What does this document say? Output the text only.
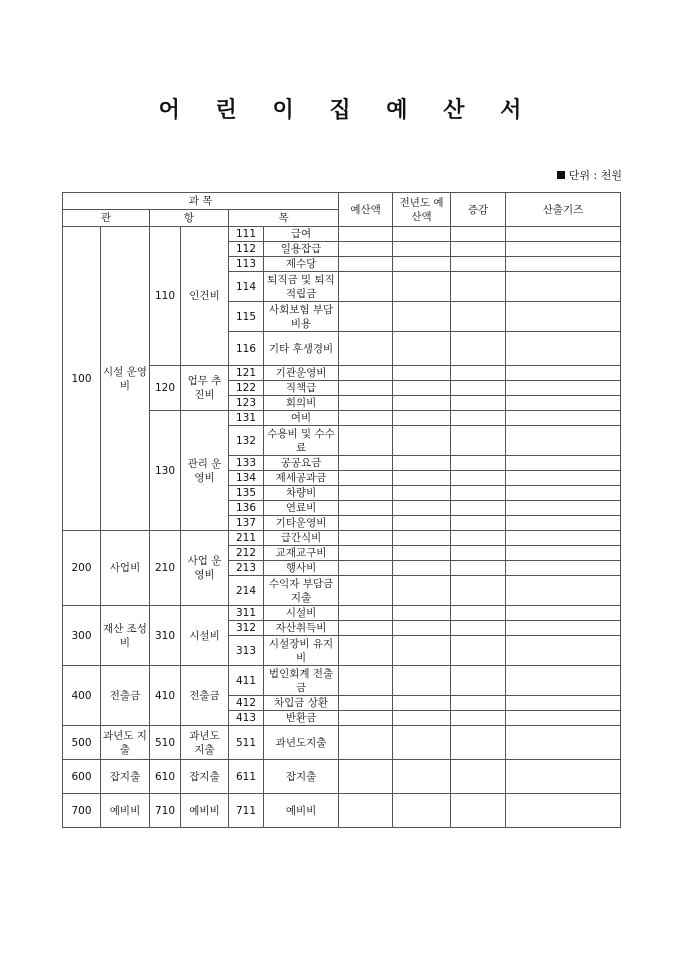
어 린 이 집 예 산 서
단위 : 천원
과 목						예산액	전년도 예산액	증감	산출기즈
관		항		목					

100	시설 운영비	110	인건비	111	급여				

				112	일용잡급				

				113	제수당				

				114	퇴직금 및 퇴직적립금				

				115	사회보험 부담비용				

				116	기타 후생경비				

		120	업무 추진비	121	기관운영비				

				122	직책급				

				123	회의비				

		130	관리 운영비	131	여비				

				132	수용비 및 수수료				

				133	공공요금				

				134	제세공과금				

				135	차량비				

				136	연료비				

				137	기타운영비				

200	사업비	210	사업 운영비	211	급간식비				

				212	교재교구비				

				213	행사비				

				214	수익자 부담금 지출				

300	재산 조성비	310	시설비	311	시설비				

				312	자산취득비				

				313	시설장비 유지비				

400	전출금	410	전출금	411	법인회계 전출금				

				412	차입금 상환				

				413	반환금				

500	과년도 지출	510	과년도 지출	511	과년도지출				

600	잡지출	610	잡지출	611	잡지출				

700	예비비	710	예비비	711	예비비				
